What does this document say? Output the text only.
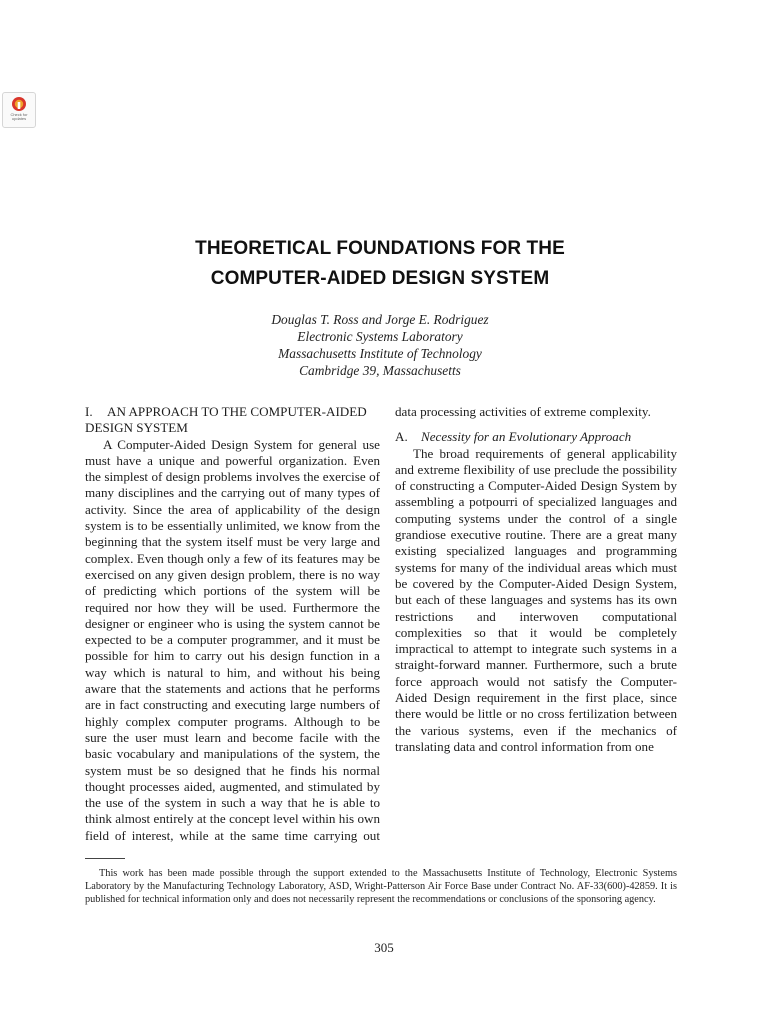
Check for updates
THEORETICAL FOUNDATIONS FOR THE
COMPUTER-AIDED DESIGN SYSTEM
Douglas T. Ross and Jorge E. Rodriguez
Electronic Systems Laboratory
Massachusetts Institute of Technology
Cambridge 39, Massachusetts

I. AN APPROACH TO THE COMPUTER-AIDED DESIGN SYSTEM

A Computer-Aided Design System for general use must have a unique and powerful organization. Even the simplest of design problems involves the exercise of many disciplines and the carrying out of many types of activity. Since the area of applicability of the design system is to be essentially unlimited, we know from the beginning that the system itself must be very large and complex. Even though only a few of its features may be exercised on any given design problem, there is no way of predicting which portions of the system will be required nor how they will be used. Furthermore the designer or engineer who is using the system cannot be expected to be a computer programmer, and it must be possible for him to carry out his design function in a way which is natural to him, and without his being aware that the statements and actions that he performs are in fact constructing and executing large numbers of highly complex computer programs. Although to be sure the user must learn and become facile with the basic vocabulary and manipulations of the system, the system must be so designed that he finds his normal thought processes aided, augmented, and stimulated by the use of the system in such a way that he is able to think almost entirely at the concept level within his own field of interest, while at the same time carrying out

data processing activities of extreme complexity.

A. Necessity for an Evolutionary Approach

The broad requirements of general applicability and extreme flexibility of use preclude the possibility of constructing a Computer-Aided Design System by assembling a potpourri of specialized languages and computing systems under the control of a single grandiose executive routine. There are a great many existing specialized languages and programming systems for many of the individual areas which must be covered by the Computer-Aided Design System, but each of these languages and systems has its own restrictions and interwoven computational complexities so that it would be completely impractical to attempt to integrate such systems in a straight-forward manner. Furthermore, such a brute force approach would not satisfy the Computer-Aided Design requirement in the first place, since there would be little or no cross fertilization between the various systems, even if the mechanics of translating data and control information from one

This work has been made possible through the support extended to the Massachusetts Institute of Technology, Electronic Systems Laboratory by the Manufacturing Technology Laboratory, ASD, Wright-Patterson Air Force Base under Contract No. AF-33(600)-42859. It is published for technical information only and does not necessarily represent the recommendations or conclusions of the sponsoring agency.

305
